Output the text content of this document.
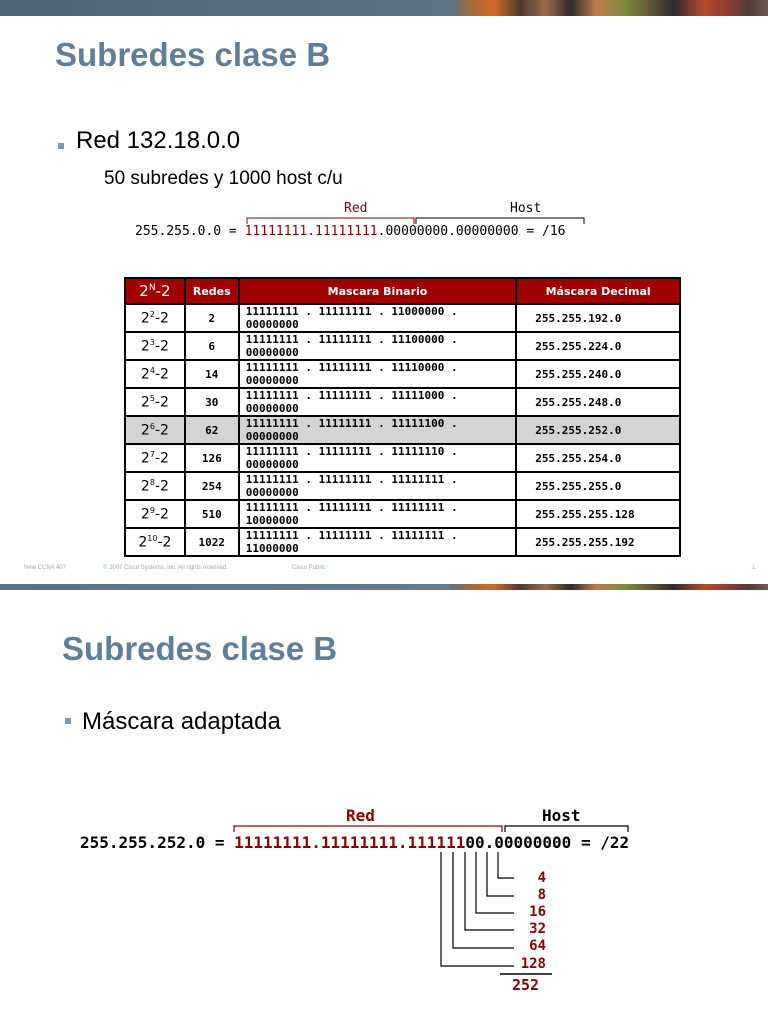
Subredes clase B
Red 132.18.0.0
50 subredes y 1000 host c/u
Red	Host
255.255.0.0 = 11111111.11111111.00000000.00000000 = /16
$2^N-2$	Redes	Mascara Binario	Máscara Decimal
$2^2-2$	2	11111111 . 11111111 . 11000000 . 00000000	255.255.192.0
$2^3-2$	6	11111111 . 11111111 . 11100000 . 00000000	255.255.224.0
$2^4-2$	14	11111111 . 11111111 . 11110000 . 00000000	255.255.240.0
$2^5-2$	30	11111111 . 11111111 . 11111000 . 00000000	255.255.248.0
$2^6-2$	62	11111111 . 11111111 . 11111100 . 00000000	255.255.252.0
$2^7-2$	126	11111111 . 11111111 . 11111110 . 00000000	255.255.254.0
$2^8-2$	254	11111111 . 11111111 . 11111111 . 00000000	255.255.255.0
$2^9-2$	510	11111111 . 11111111 . 11111111 . 10000000	255.255.255.128
$2^{10}-2$	1022	11111111 . 11111111 . 11111111 . 11000000	255.255.255.192
New CCNA 407	© 2007 Cisco Systems, Inc. All rights reserved.	Cisco Public	1
Subredes clase B
Máscara adaptada
Red	Host
255.255.252.0 = 11111111.11111111.11111100.00000000 = /22
252
4
8
16
32
64
128
